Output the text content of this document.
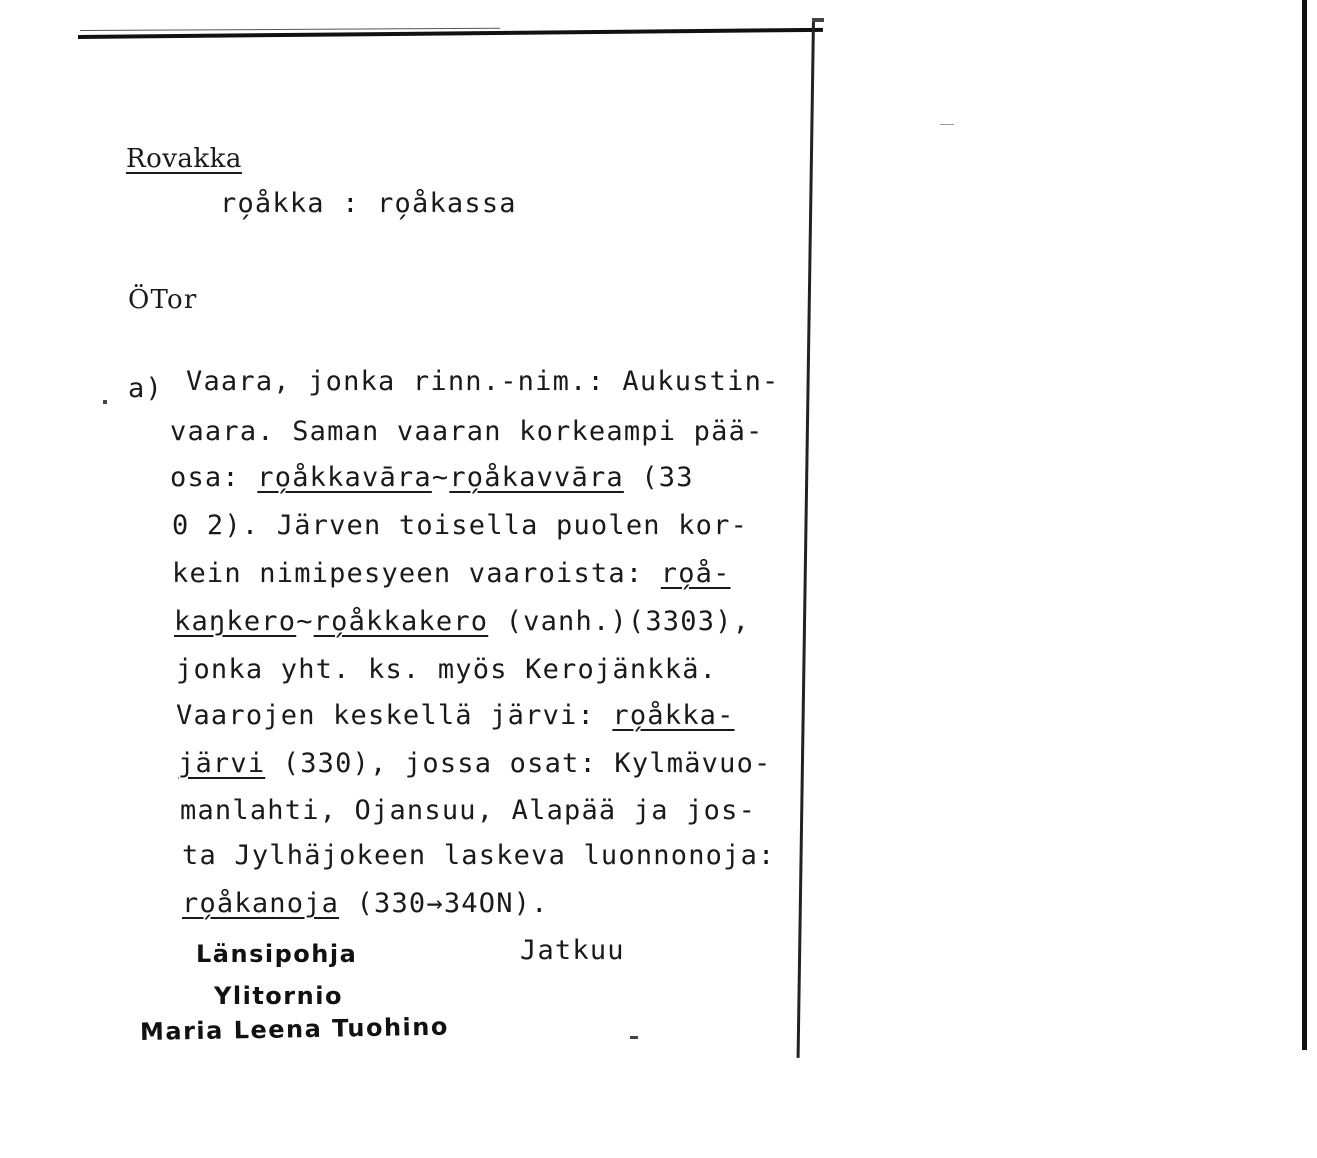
Rovakka
ro̗åkka : ro̗åkassa
ÖTor
a) Vaara, jonka rinn.-nim.: Aukustin-
vaara. Saman vaaran korkeampi pää-
osa: ro̗åkkavāra~ro̗åkavvāra (33
0 2). Järven toisella puolen kor-
kein nimipesyeen vaaroista: ro̗å-
kaŋkero~ro̗åkkakero (vanh.)(3303),
jonka yht. ks. myös Kerojänkkä.
Vaarojen keskellä järvi: ro̗åkka-
järvi (330), jossa osat: Kylmävuo-
manlahti, Ojansuu, Alapää ja jos-
ta Jylhäjokeen laskeva luonnonoja:
ro̗åkanoja (330→34ON).
Jatkuu
Länsipohja
Ylitornio
Maria Leena Tuohino
